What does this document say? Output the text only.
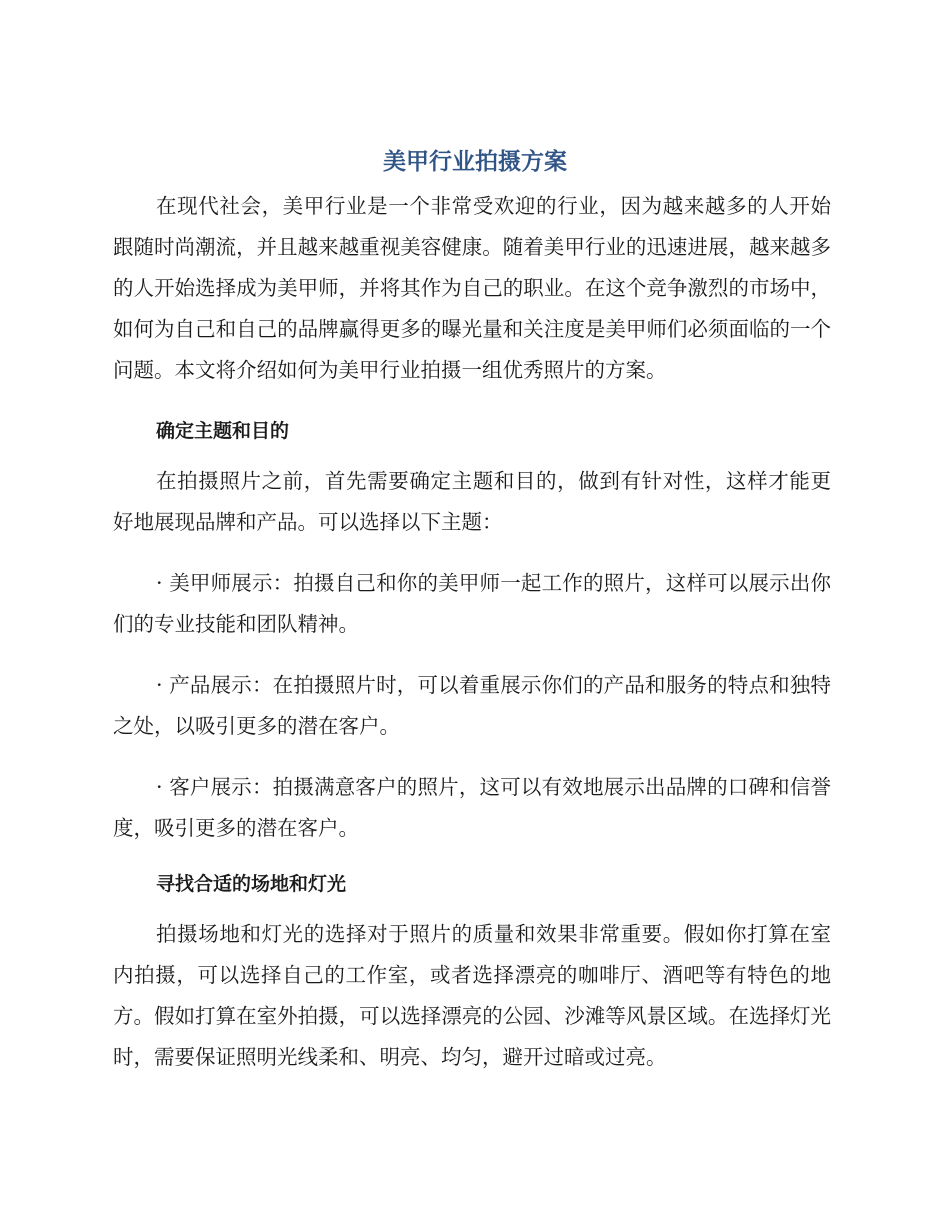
美甲行业拍摄方案

在现代社会，美甲行业是一个非常受欢迎的行业，因为越来越多的人开始跟随时尚潮流，并且越来越重视美容健康。随着美甲行业的迅速进展，越来越多的人开始选择成为美甲师，并将其作为自己的职业。在这个竞争激烈的市场中，如何为自己和自己的品牌赢得更多的曝光量和关注度是美甲师们必须面临的一个问题。本文将介绍如何为美甲行业拍摄一组优秀照片的方案。

确定主题和目的

在拍摄照片之前，首先需要确定主题和目的，做到有针对性，这样才能更好地展现品牌和产品。可以选择以下主题：

· 美甲师展示：拍摄自己和你的美甲师一起工作的照片，这样可以展示出你们的专业技能和团队精神。

· 产品展示：在拍摄照片时，可以着重展示你们的产品和服务的特点和独特之处，以吸引更多的潜在客户。

· 客户展示：拍摄满意客户的照片，这可以有效地展示出品牌的口碑和信誉度，吸引更多的潜在客户。

寻找合适的场地和灯光

拍摄场地和灯光的选择对于照片的质量和效果非常重要。假如你打算在室内拍摄，可以选择自己的工作室，或者选择漂亮的咖啡厅、酒吧等有特色的地方。假如打算在室外拍摄，可以选择漂亮的公园、沙滩等风景区域。在选择灯光时，需要保证照明光线柔和、明亮、均匀，避开过暗或过亮。
